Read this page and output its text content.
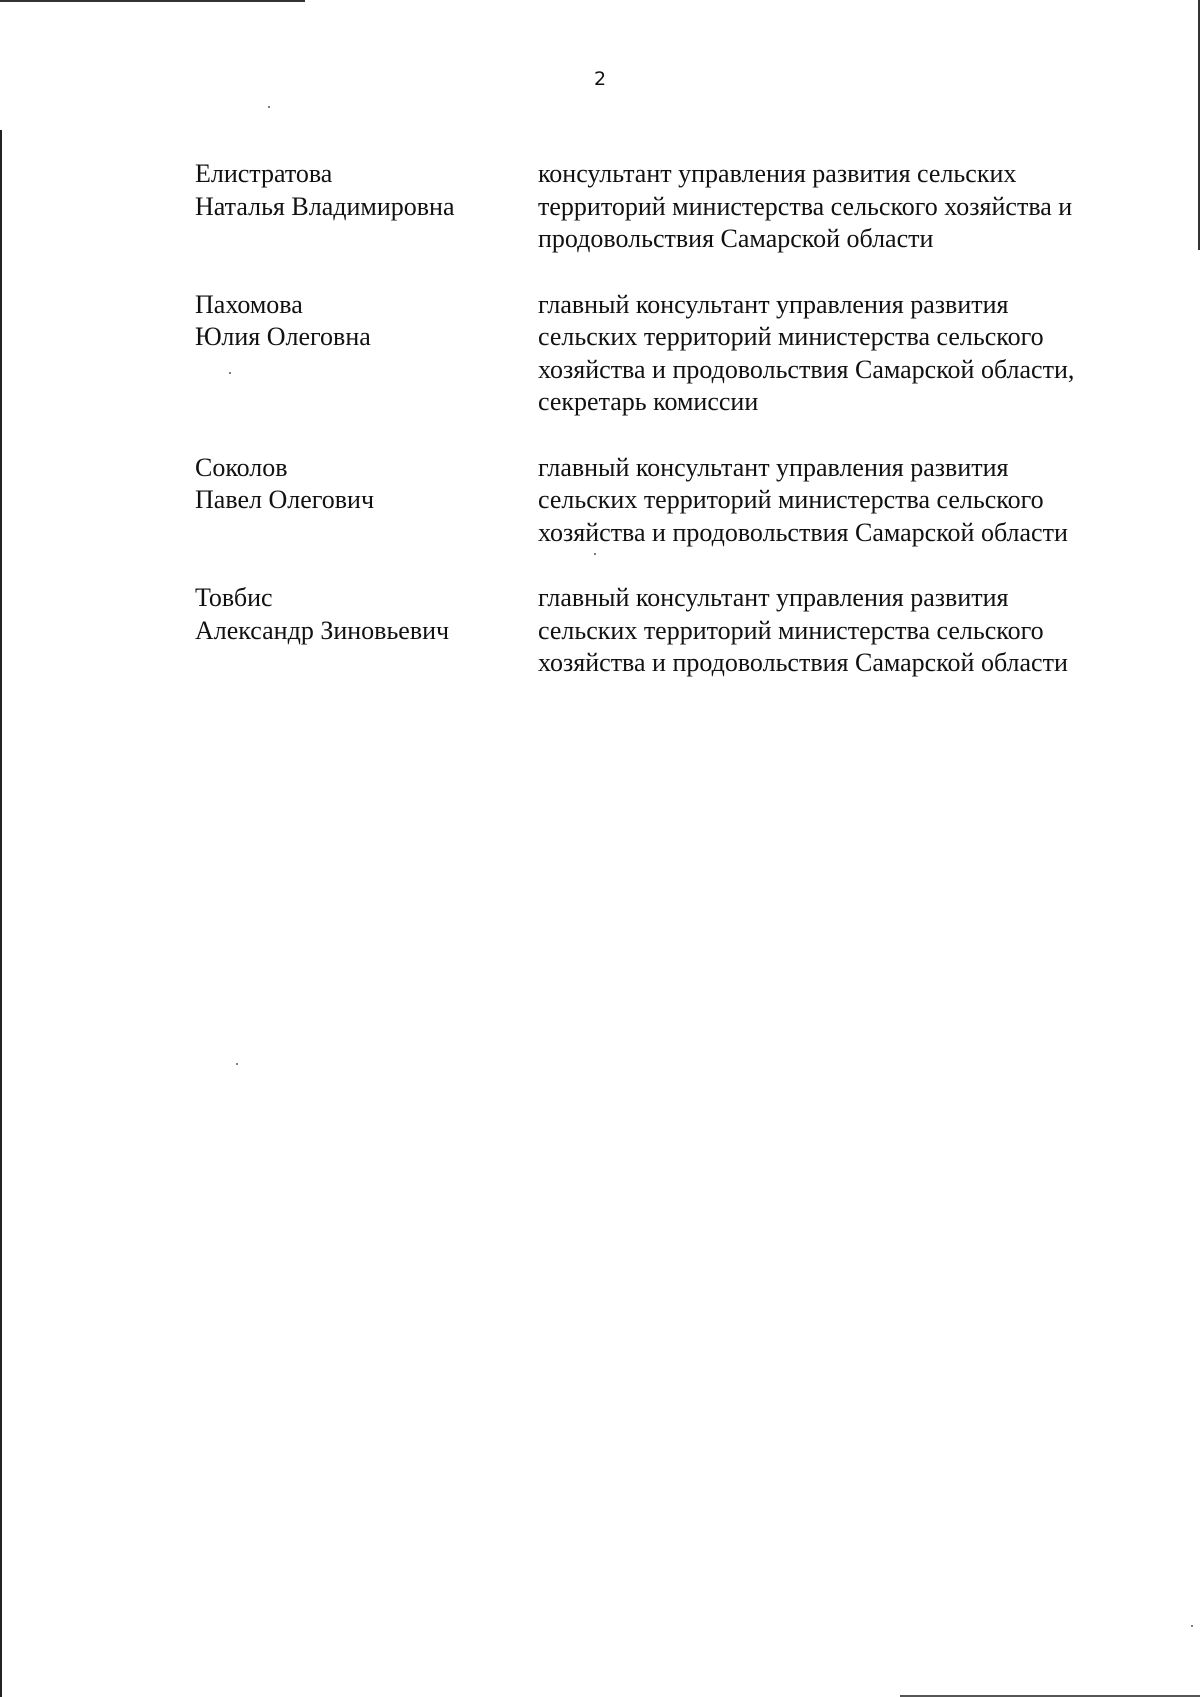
2
Елистратова
Наталья Владимировна
консультант управления развития сельских
территорий министерства сельского хозяйства и
продовольствия Самарской области
Пахомова
Юлия Олеговна
главный консультант управления развития
сельских территорий министерства сельского
хозяйства и продовольствия Самарской области,
секретарь комиссии
Соколов
Павел Олегович
главный консультант управления развития
сельских территорий министерства сельского
хозяйства и продовольствия Самарской области
Товбис
Александр Зиновьевич
главный консультант управления развития
сельских территорий министерства сельского
хозяйства и продовольствия Самарской области
